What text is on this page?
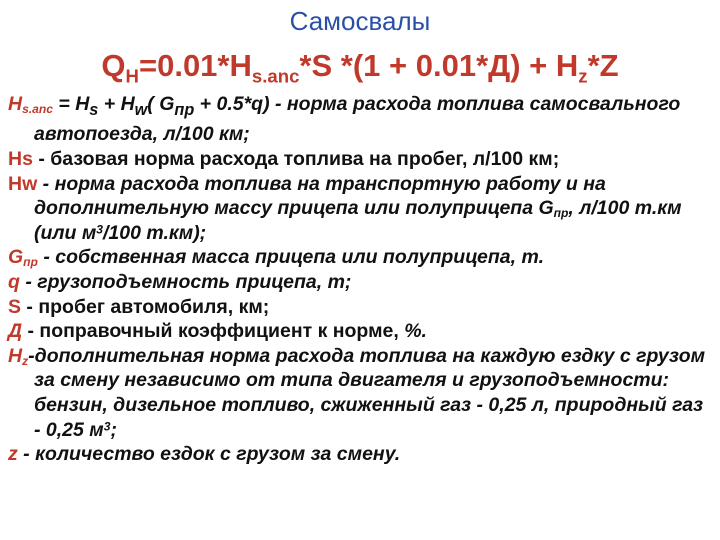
Самосвалы
$Q_Н=0.01*H_{s.anc}*S$ $*(1 + 0.01*Д) + H_z*Z$
$H_{s.anc} = H_s + H_w$( $G_{пр} + 0.5*q$) - норма расхода топлива самосвального автопоезда, л/100 км;
Hs - базовая норма расхода топлива на пробег, л/100 км;
Hw - норма расхода топлива на транспортную работу и на дополнительную массу прицепа или полуприцепа $G_{пр}$, л/100 т.км (или $м^3/100$ т.км);
$G_{пр}$ - собственная масса прицепа или полуприцепа, т.
q - грузоподъемность прицепа, т;
S - пробег автомобиля, км;
Д - поправочный коэффициент к норме, %.
$H_z$-дополнительная норма расхода топлива на каждую ездку с грузом за смену независимо от типа двигателя и грузоподъемности: бензин, дизельное топливо, сжиженный газ - 0,25 л, природный газ - 0,25 $м^3$;
z - количество ездок с грузом за смену.
